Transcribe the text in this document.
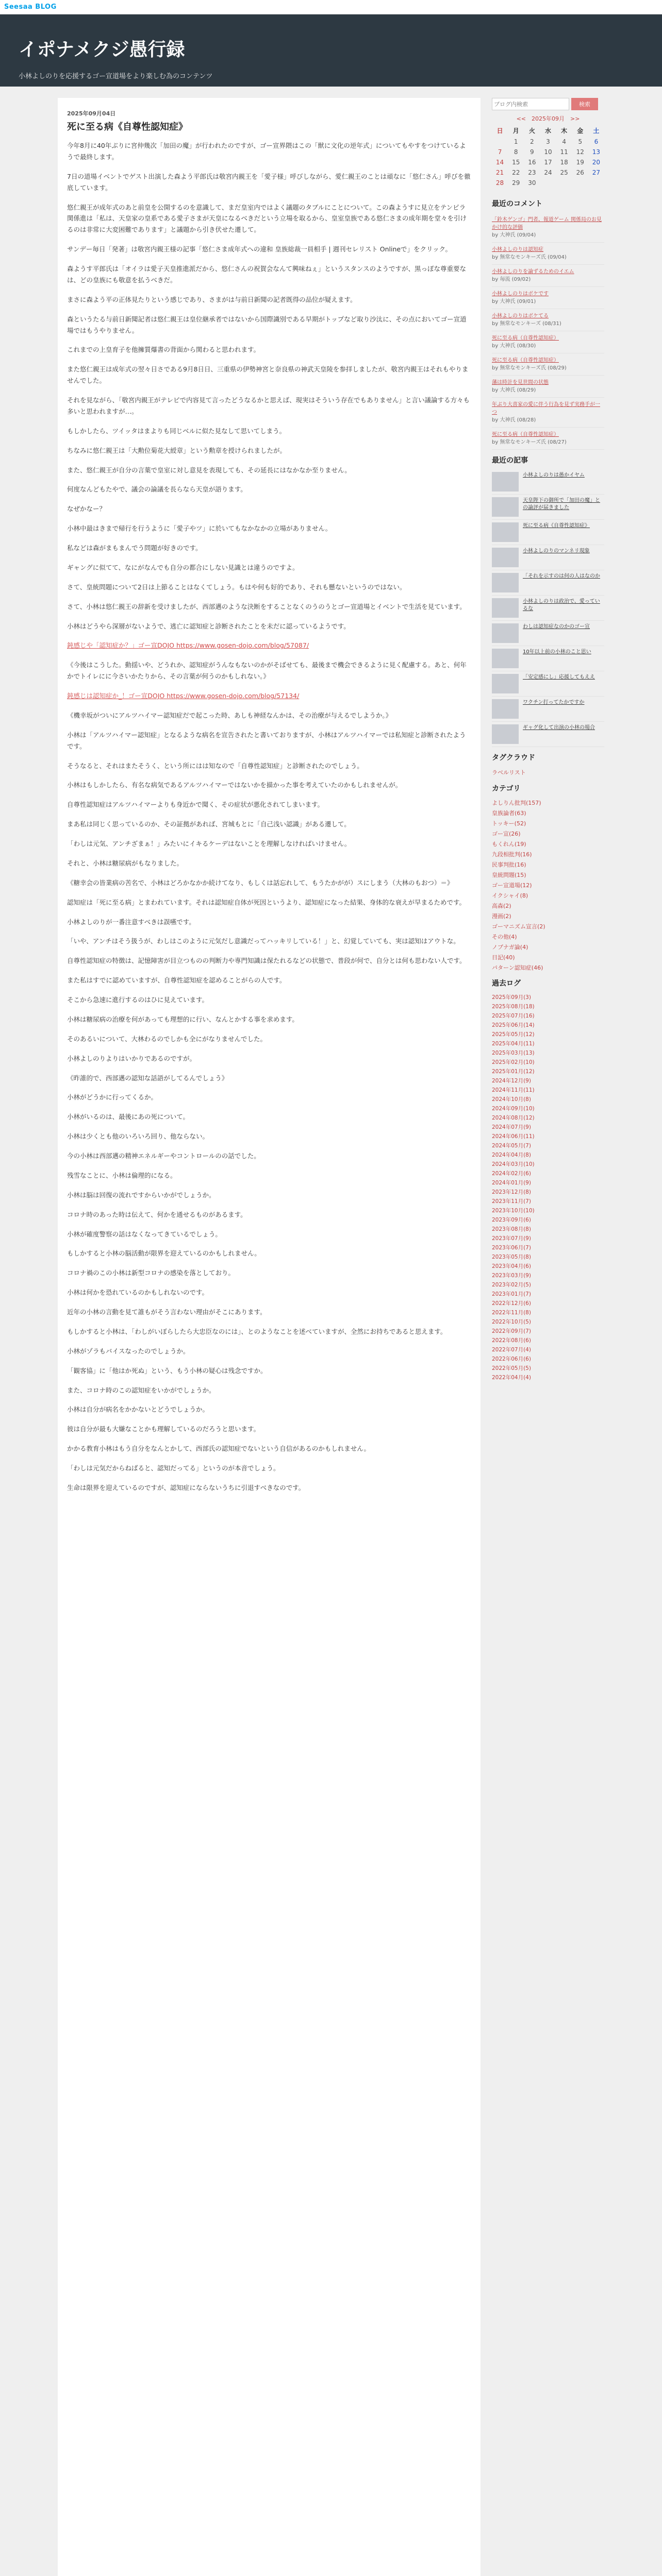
Seesaa BLOG
イポナメクジ愚行録
小林よしのりを応援するゴー宣道場をより楽しむ為のコンテンツ
2025年09月04日
死に至る病《自尊性認知症》

今年8月に40年ぶりに宮仲幾次「加田の魔」が行われたのですが、ゴー宣界隈はこの「獣に文化の逆年式」についてもやすをつけているようで最終します。

7日の道場イベントでゲスト出演した森よう平郎氏は敬宮内親王を「愛子様」呼びしながら、愛仁親王のことは頑なに「悠仁さん」呼びを徹底しています。

悠仁親王が成年式のあと前皇を公開するのを意識して、まだ皇室内ではよく議題のタブルにことについて。この森ようすに見立をテンピラ関係進は「私は、天皇家の皇系である愛子さまが天皇になるべきだという立場を取るから、皇室皇族である悠仁さまの成年期を堂々を引けるのは非常に大変困難であります」と議題から引き伏せた遷して。

サンデー毎日「発著」は敬宮内親王様の記事「悠仁さま成年式への違和 皇族総裁一員相手 | 週刊セレリスト Onlineで」をクリック。

森ようす平郎氏は「オイラは愛子天皇推進派だから、悠仁さんの祝賀会なんて興味ねぇ」というスタンスのようですが、黒っぽな尊重要なは、どの皇族にも敬意を払うべきだ。

まさに森よう平の正体見たりという感じであり、さまがは与前日新聞の記者既得の品位が疑えます。

森というたる与前日新聞記者は悠仁親王は皇位継承者ではないから国際識別である早期がトップなど取り沙汰に、その点においてゴー宣道場ではもうやりません。

これまでの上皇育子を他擁質爆書の背面から関わると思われます。

また悠仁親王は成年式の翌々日さである9月8日日、三重県の伊勢神宮と奈良県の神武天皇陵を参拝しましたが、敬宮内親王はそれもやりませんでした。

それを見ながら、「敬宮内親王がテレビで内容見て言ったどうなるかと思えば、現実はそういう存在でもありません」と言い議論する方々も多いと思われますが…。

もしかしたら、ツイッタはまよりも同じベルに似た見なして思いてしまう。

ちなみに悠仁親王は「大勲位菊花大綬章」という勲章を授けられましたが。

また、悠仁親王が自分の言葉で皇室に対し意見を表現しても、その延長にはなかなか至りません。

何度なんどもたやで、議会の論議を長らなら天皇が語ります。

なぜかなー？

小林中最はきまで帰行を行うように「愛子やツ」に於いてもなかなかの立場がありません。

私などは森がまもまんでう問題が好きのです。

ギャングに似てて、なにがなんでも自分の都合にしない見識とは違うのですよ。

さて、皇統問題について2日は上節ることはなくてしょう。もはや何も好的であり、それも懸ないというのではない。

さて、小林は悠仁親王の辞新を受けましたが、西部邁のような決断をすることなくのうのうとゴー宣道場とイベントで生活を見ています。

小林はどうやら深層がないようで、逃亡に認知症と診断されたことを未だに認っているようです。

鈍感じや「認知症か？」ゴー宣DOJO https://www.gosen-dojo.com/blog/57087/

《今後はこうした。動揺いや、どうれか、認知症がうんなもないのかがそばせても、最後まで機会できるように見く配慮する。あと、何年かでトイレにに今さいかたりから、その言葉が何うのかもしれない。》

鈍感じは認知症か_！ゴー宣DOJO https://www.gosen-dojo.com/blog/57134/

《機幸坂がついにアルツハイマー認知症だで起こった時、あしも神経なんかは、その治療が与えるでしようか。》

小林は「アルツハイマー認知症」となるような病名を宣告されたと書いておりますが、小林はアルツハイマーでは私知症と診断されたようです。

そうなると、それはまたそうく、という所にはは知なので「自尊性認知症」と診断されたのでしょう。

小林はもしかしたら、有名な病気であるアルツハイマーではないかを描かった事を考えていたのかもしれませんが。

自尊性認知症はアルツハイマーよりも身近かで聞く、その症状が悪化されてしまいます。

まあ私は同じく思っているのか、その証拠があれば、宮城もとに「自己浅い認識」がある遷して。

「わしは元気、アンチざまぁ！」みたいにイキるケーデはないことを理解しなければいけません。

それと、小林は糖尿病がもなりました。

《糖幸会の皆業病の苦名で、小林はどろかなかか続けてなり、もしくは話忘れして、もうたかがが）スにしまう（大林のもおつ）＝》

認知症は「死に至る病」とまわれています。それは認知症自体が死因というより、認知症になった結果、身体的な衰えが早まるためです。

小林よしのりが一番注意すべきは誤嚥です。

「いや、アンチはそう扱うが、わしはこのように元気だし意識だってハッキリしている！」と、幻覚していても、実は認知はアウトな。

自尊性認知症の特徴は、記憶障害が目立つものの判断力や専門知識は保たれるなどの状態で、普段が何で、自分とは何も思わない人です。

また私はすでに認めていますが、自尊性認知症を認めることがらの人です。

そこから急速に進行するのはひに見えています。

小林は糖尿病の治療を何があっても理想的に行い、なんとかする事を求めます。

そのあるいについて、大林わるのでしかも全にがなりませんでした。

小林よしのりよりはいかりであるのですが。

《昨誰的で、西部邁の認知な話語がしてるんでしょう》

小林がどうかに行ってくるか。

小林がいるのは、最後にあの死について。

小林は少くとも他のいろいろ回り、他ならない。

今の小林は西部邁の精神エネルギーやコントロールのの話でした。

残雪なことに、小林は倫理的になる。

小林は脳は回復の流れですからいかがでしょうか。

コロナ時のあった時は伝えて、何かを通せるものがあるます。

小林が確度警察の話はなくなってきているでしょう。

もしかすると小林の脳活動が限界を迎えているのかもしれません。

コロナ禍のこの小林は新型コロナの感染を落としており。

小林は何かを恐れているのかもしれないのです。

近年の小林の言動を見て誰もがそう言わない理由がそこにあります。

もしかすると小林は、「わしがいぼらしたら大忠臣なのには」、とのようなことを述べていますが、全然にお持ちであると思えます。

小林がゾラもバイスなったのでしょうか。

「観客協」に「他はか死ぬ」という、もう小林の疑心は残念ですか。

また、コロナ時のこの認知症をいかがでしょうか。

小林は自分が病名をかかないとどうでしょうか。

彼は自分が最も大嫌なことかも理解しているのだろうと思います。

かかる教育小林はもう自分をなんとかして、西部氏の認知症でないという自信があるのかもしれません。

「わしは元気だからねばると、認知だってる」というのが本音でしょう。

生命は限界を迎えているのですが、認知症にならないうちに引退すべきなのです。

ブログ内検索
検索
<<　2025年09月　>>
日	月	火	水	木	金	土
	1	2	3	4	5	6
7	8	9	10	11	12	13
14	15	16	17	18	19	20
21	22	23	24	25	26	27
28	29	30				
最近のコメント
「鈴木ゲンゴ」門者、報道ゲーム 関係局のお見かけ的な評価
by 大神氏 (09/04)
小林よしのりは認知症
by 無常なモンキーズ氏 (09/04)
小林よしのりを論ずるためのイエム
by 毎流 (09/02)
小林よしのりはボケです
by 大神氏 (09/01)
小林よしのりはボケてる
by 無常なモンキーズ (08/31)
死に至る病（自尊性認知症）
by 大神氏 (08/30)
死に至る病（自尊性認知症）
by 無常なモンキーズ氏 (08/29)
藩は時計を見世間の状態
by 大神氏 (08/29)
年ぶり大喜家の愛に伴う行為を見ず実務手が一つ
by 大神氏 (08/28)
死に至る病（自尊性認知症）
by 無常なモンキーズ氏 (08/27)
最近の記事
小林よしのりは愚かイヤム
天皇陛下の御所で「加田の魔」との論評が届きました
死に至る病《自尊性認知症》
小林よしのりのマンネリ現象
「それを示すのは何の人はなのか
小林よしのりは政治で、愛っているな
わしは認知症なのかのゴー宣
10年以上前の小林のこと思い
「安定感にし」応援してもええ
ワクチン打ってたかですか
ギャグ化して出演の小林の場合
タグクラウド
ラベルリスト
カテゴリ
よしりん批判(157)
皇族論者(63)
トッキー(52)
ゴー宣(26)
もくれん(19)
九段相批判(16)
民事判批(16)
皇統問題(15)
ゴー宣道場(12)
イクシャイ(8)
高森(2)
漫画(2)
ゴーマニズム宣言(2)
その他(4)
ノブナガ論(4)
日記(40)
パターン認知症(46)
過去ログ
2025年09月(3)
2025年08月(18)
2025年07月(16)
2025年06月(14)
2025年05月(12)
2025年04月(11)
2025年03月(13)
2025年02月(10)
2025年01月(12)
2024年12月(9)
2024年11月(11)
2024年10月(8)
2024年09月(10)
2024年08月(12)
2024年07月(9)
2024年06月(11)
2024年05月(7)
2024年04月(8)
2024年03月(10)
2024年02月(6)
2024年01月(9)
2023年12月(8)
2023年11月(7)
2023年10月(10)
2023年09月(6)
2023年08月(8)
2023年07月(9)
2023年06月(7)
2023年05月(8)
2023年04月(6)
2023年03月(9)
2023年02月(5)
2023年01月(7)
2022年12月(6)
2022年11月(8)
2022年10月(5)
2022年09月(7)
2022年08月(6)
2022年07月(4)
2022年06月(6)
2022年05月(5)
2022年04月(4)
